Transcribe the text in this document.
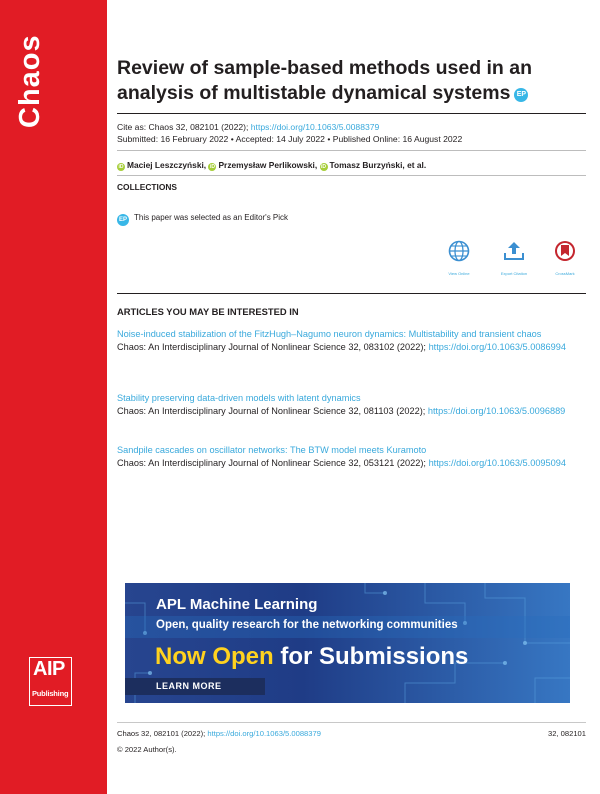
Chaos
AIP
Publishing
Review of sample-based methods used in an analysis of multistable dynamical systems EP
Cite as: Chaos 32, 082101 (2022); https://doi.org/10.1063/5.0088379
Submitted: 16 February 2022 • Accepted: 14 July 2022 • Published Online: 16 August 2022
iD Maciej Leszczyński, iD Przemysław Perlikowski, iD Tomasz Burzyński, et al.
COLLECTIONS
EP This paper was selected as an Editor's Pick
View Online	Export Citation	CrossMark
ARTICLES YOU MAY BE INTERESTED IN
Noise-induced stabilization of the FitzHugh–Nagumo neuron dynamics: Multistability and transient chaos
Chaos: An Interdisciplinary Journal of Nonlinear Science 32, 083102 (2022); https://doi.org/10.1063/5.0086994
Stability preserving data-driven models with latent dynamics
Chaos: An Interdisciplinary Journal of Nonlinear Science 32, 081103 (2022); https://doi.org/10.1063/5.0096889
Sandpile cascades on oscillator networks: The BTW model meets Kuramoto
Chaos: An Interdisciplinary Journal of Nonlinear Science 32, 053121 (2022); https://doi.org/10.1063/5.0095094
APL Machine Learning
Open, quality research for the networking communities
Now Open for Submissions
LEARN MORE
Chaos 32, 082101 (2022); https://doi.org/10.1063/5.0088379	32, 082101
© 2022 Author(s).
